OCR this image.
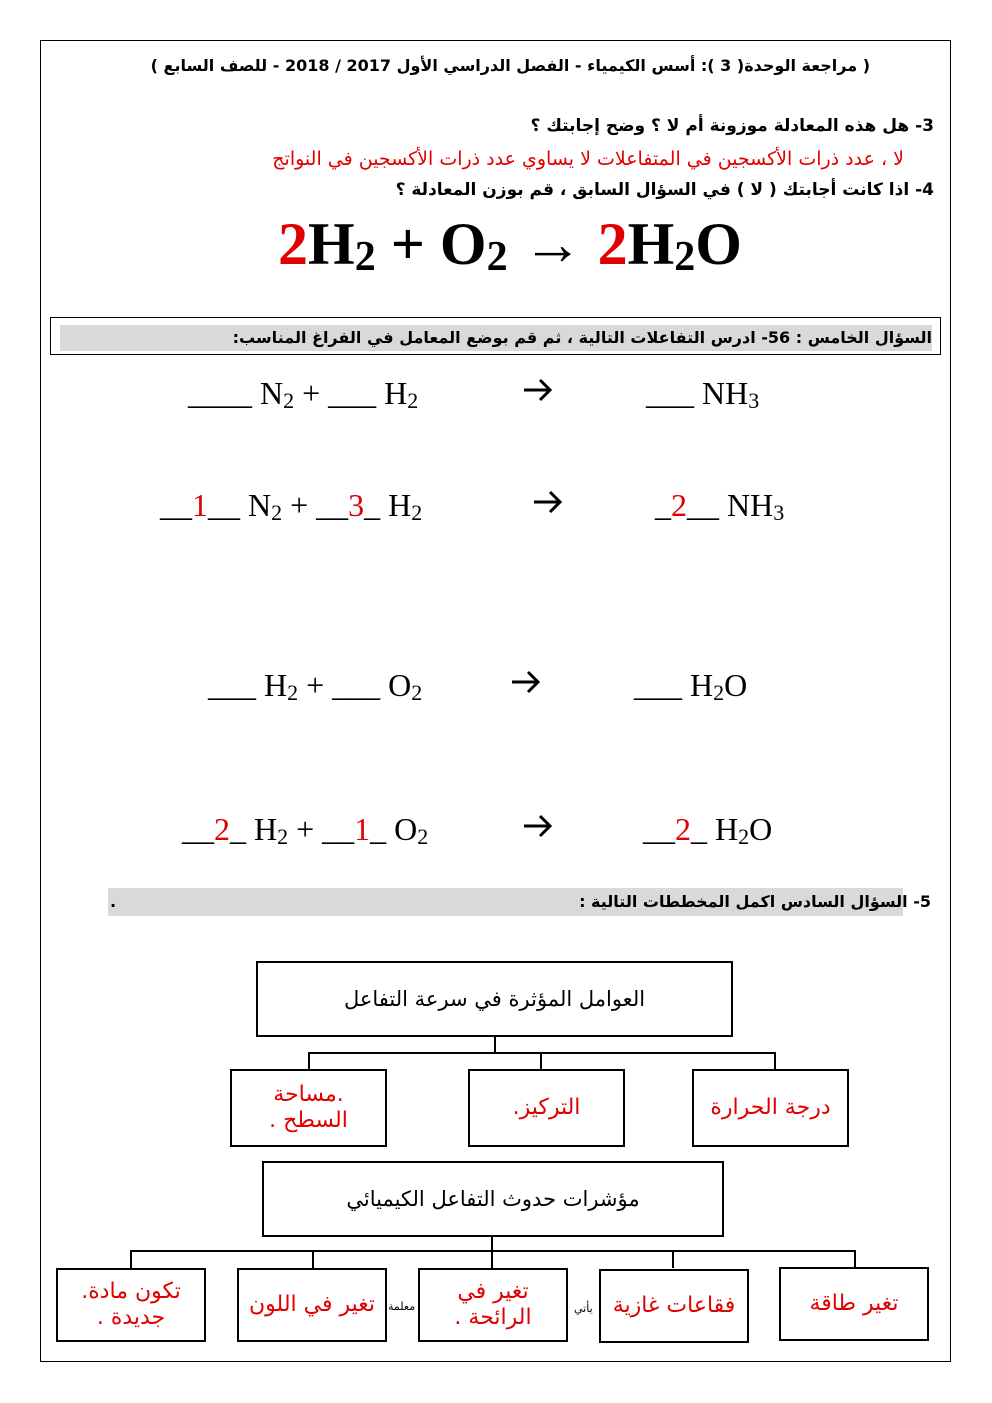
( مراجعة الوحدة( 3 ): أسس الكيمياء - الفصل الدراسي الأول 2017 / 2018 - للصف السابع )
3- هل هذه المعادلة موزونة أم لا ؟ وضح إجابتك ؟
لا ، عدد ذرات الأكسجين في المتفاعلات لا يساوي عدد ذرات الأكسجين في النواتج
4- اذا كانت أجابتك ( لا ) في السؤال السابق ، قم بوزن المعادلة ؟
$2H_2 + O_2 \to 2H_2O$
السؤال الخامس : 56- ادرس التفاعلات التالية ، ثم قم بوضع المعامل في الفراغ المناسب:
____ $N_2$ + ___ $H_2$	___ $NH_3$
__1__ $N_2$ + __3_ $H_2$	_2__ $NH_3$
___ $H_2$ + ___ $O_2$	___ $H_2O$
__2_ $H_2$ + __1_ $O_2$	__2_ $H_2O$
5- السؤال السادس اكمل المخططات التالية :
.
العوامل المؤثرة في سرعة التفاعل
درجة الحرارة
التركيز.
.مساحة السطح .
مؤشرات حدوث التفاعل الكيميائي
يأتي
معلمة	تغير طاقة
فقاعات غازية
تغير في الرائحة .
تغير في اللون
تكون مادة. جديدة .
